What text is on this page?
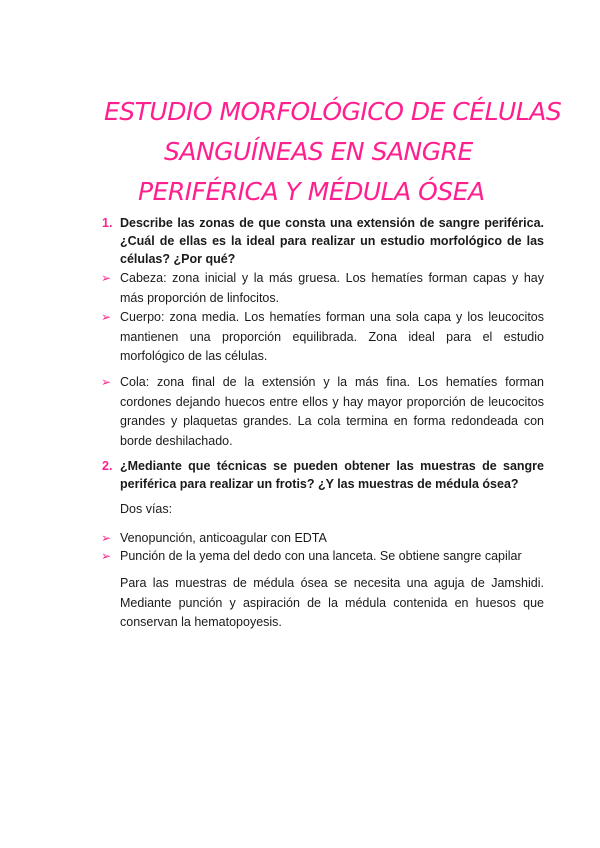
ESTUDIO MORFOLÓGICO DE CÉLULAS
SANGUÍNEAS EN SANGRE
PERIFÉRICA Y MÉDULA ÓSEA
1. Describe las zonas de que consta una extensión de sangre periférica. ¿Cuál de ellas es la ideal para realizar un estudio morfológico de las células? ¿Por qué?
➢ Cabeza: zona inicial y la más gruesa. Los hematíes forman capas y hay más proporción de linfocitos.
➢ Cuerpo: zona media. Los hematíes forman una sola capa y los leucocitos mantienen una proporción equilibrada. Zona ideal para el estudio morfológico de las células.
➢ Cola: zona final de la extensión y la más fina. Los hematíes forman cordones dejando huecos entre ellos y hay mayor proporción de leucocitos grandes y plaquetas grandes. La cola termina en forma redondeada con borde deshilachado.
2. ¿Mediante que técnicas se pueden obtener las muestras de sangre periférica para realizar un frotis? ¿Y las muestras de médula ósea?
Dos vías:
➢ Venopunción, anticoagular con EDTA
➢ Punción de la yema del dedo con una lanceta. Se obtiene sangre capilar
Para las muestras de médula ósea se necesita una aguja de Jamshidi. Mediante punción y aspiración de la médula contenida en huesos que conservan la hematopoyesis.
